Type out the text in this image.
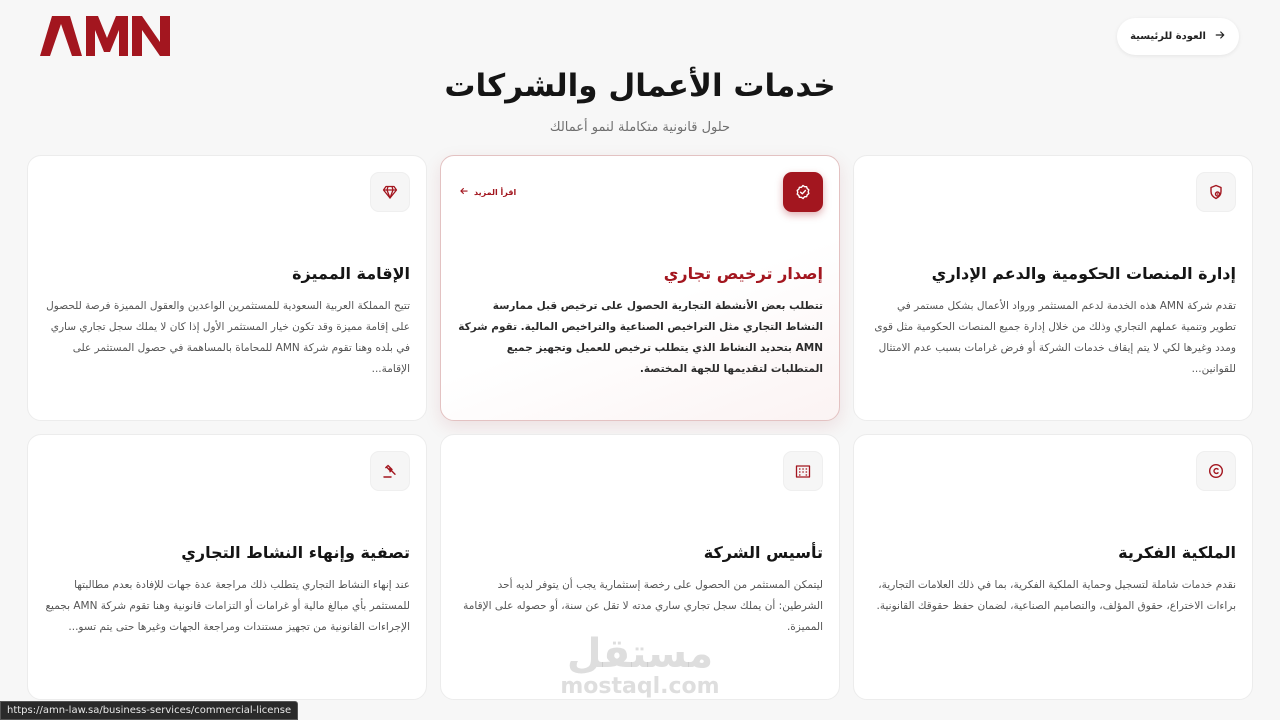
العودة للرئيسية
خدمات الأعمال والشركات
حلول قانونية متكاملة لنمو أعمالك
إدارة المنصات الحكومية والدعم الإداري

تقدم شركة AMN هذه الخدمة لدعم المستثمر ورواد الأعمال بشكل مستمر في تطوير وتنمية عملهم التجاري وذلك من خلال إدارة جميع المنصات الحكومية مثل قوى ومدد وغيرها لكي لا يتم إيقاف خدمات الشركة أو فرض غرامات بسبب عدم الامتثال للقوانين...

اقرأ المزيد
إصدار ترخيص تجاري

تتطلب بعض الأنشطة التجارية الحصول على ترخيص قبل ممارسة النشاط التجاري مثل التراخيص الصناعية والتراخيص المالية. تقوم شركة AMN بتحديد النشاط الذي يتطلب ترخيص للعميل وتجهيز جميع المتطلبات لتقديمها للجهة المختصة.

الإقامة المميزة

تتيح المملكة العربية السعودية للمستثمرين الواعدين والعقول المميزة فرصة للحصول على إقامة مميزة وقد تكون خيار المستثمر الأول إذا كان لا يملك سجل تجاري ساري في بلده وهنا تقوم شركة AMN للمحاماة بالمساهمة في حصول المستثمر على الإقامة...

الملكية الفكرية

نقدم خدمات شاملة لتسجيل وحماية الملكية الفكرية، بما في ذلك العلامات التجارية، براءات الاختراع، حقوق المؤلف، والتصاميم الصناعية، لضمان حفظ حقوقك القانونية.

تأسيس الشركة

ليتمكن المستثمر من الحصول على رخصة إستثمارية يجب أن يتوفر لديه أحد الشرطين: أن يملك سجل تجاري ساري مدته لا تقل عن سنة، أو حصوله على الإقامة المميزة.

تصفية وإنهاء النشاط التجاري

عند إنهاء النشاط التجاري يتطلب ذلك مراجعة عدة جهات للإفادة بعدم مطالبتها للمستثمر بأي مبالغ مالية أو غرامات أو التزامات قانونية وهنا تقوم شركة AMN بجميع الإجراءات القانونية من تجهيز مستندات ومراجعة الجهات وغيرها حتى يتم تسو...

مستقل
mostaql.com
https://amn-law.sa/business-services/commercial-license
